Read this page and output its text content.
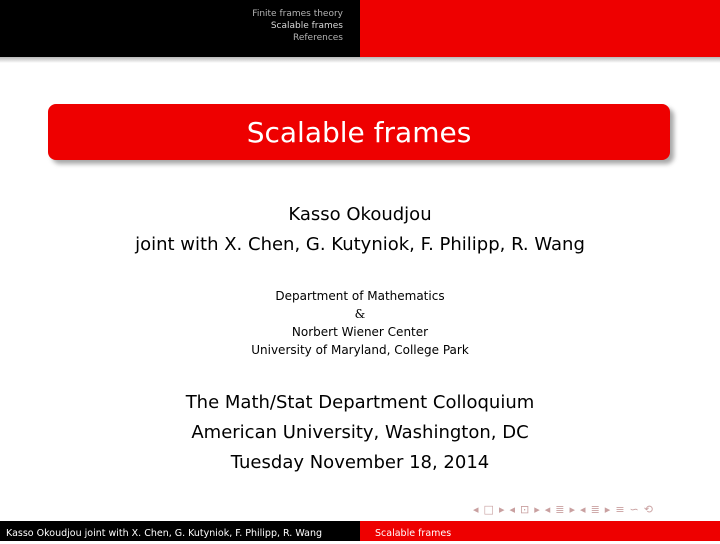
Finite frames theory
Scalable frames
References
Scalable frames
Kasso Okoudjou
joint with X. Chen, G. Kutyniok, F. Philipp, R. Wang
Department of Mathematics
&
Norbert Wiener Center
University of Maryland, College Park
The Math/Stat Department Colloquium
American University, Washington, DC
Tuesday November 18, 2014
◂ □ ▸ ◂ ⊡ ▸ ◂ ≣ ▸ ◂ ≣ ▸ ≡ ∽ ⟲
Kasso Okoudjou joint with X. Chen, G. Kutyniok, F. Philipp, R. Wang	Scalable frames
